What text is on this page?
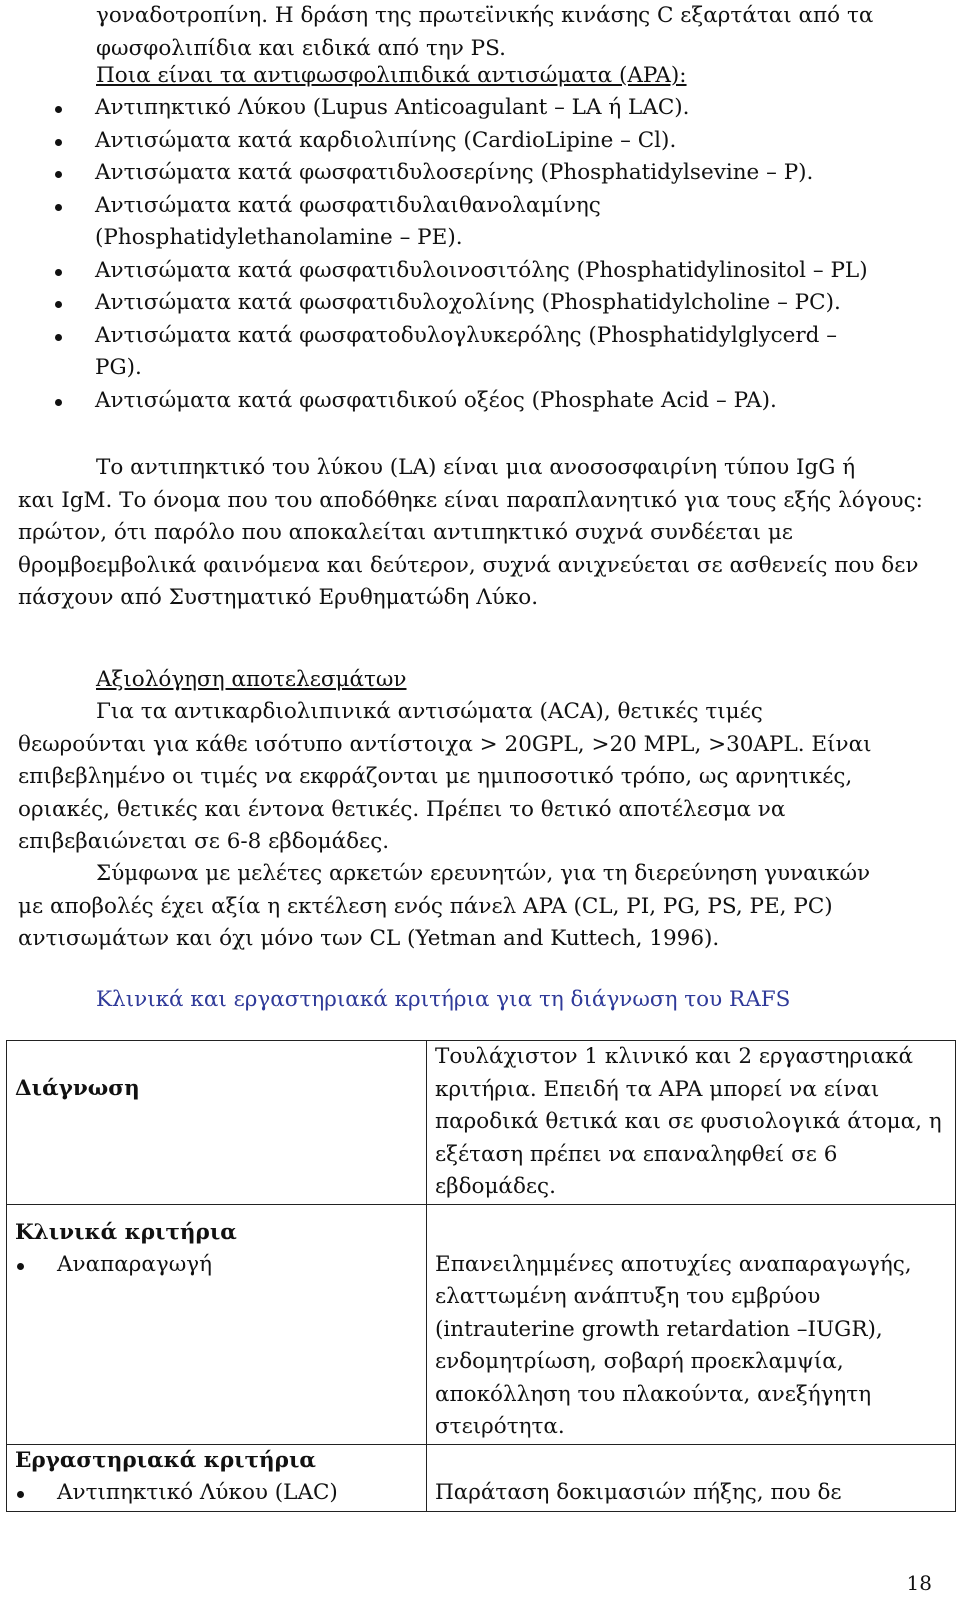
γοναδοτροπίνη. Η δράση της πρωτεϊνικής κινάσης C εξαρτάται από τα
φωσφολιπίδια και ειδικά από την PS.

Ποια είναι τα αντιφωσφολιπιδικά αντισώματα (APA):

Αντιπηκτικό Λύκου (Lupus Anticoagulant – LA ή LAC).
Αντισώματα κατά καρδιολιπίνης (CardioLipine – Cl).
Αντισώματα κατά φωσφατιδυλοσερίνης (Phosphatidylsevine – P).
Αντισώματα κατά φωσφατιδυλαιθανολαμίνης (Phosphatidylethanolamine – PE).
Αντισώματα κατά φωσφατιδυλοινοσιτόλης (Phosphatidylinositol – PL)
Αντισώματα κατά φωσφατιδυλοχολίνης (Phosphatidylcholine – PC).
Αντισώματα κατά φωσφατοδυλογλυκερόλης (Phosphatidylglycerd – PG).
Αντισώματα κατά φωσφατιδικού οξέος (Phosphate Acid – PA).

Το αντιπηκτικό του λύκου (LA) είναι μια ανοσοσφαιρίνη τύπου IgG ή
και IgM. Το όνομα που του αποδόθηκε είναι παραπλανητικό για τους εξής λόγους: πρώτον, ότι παρόλο που αποκαλείται αντιπηκτικό συχνά συνδέεται με θρομβοεμβολικά φαινόμενα και δεύτερον, συχνά ανιχνεύεται σε ασθενείς που δεν πάσχουν από Συστηματικό Ερυθηματώδη Λύκο.

Αξιολόγηση αποτελεσμάτων

Για τα αντικαρδιολιπινικά αντισώματα (ACA), θετικές τιμές
θεωρούνται για κάθε ισότυπο αντίστοιχα > 20GPL, >20 MPL, >30APL. Είναι επιβεβλημένο οι τιμές να εκφράζονται με ημιποσοτικό τρόπο, ως αρνητικές, οριακές, θετικές και έντονα θετικές. Πρέπει το θετικό αποτέλεσμα να επιβεβαιώνεται σε 6-8 εβδομάδες.

Σύμφωνα με μελέτες αρκετών ερευνητών, για τη διερεύνηση γυναικών
με αποβολές έχει αξία η εκτέλεση ενός πάνελ APA (CL, PI, PG, PS, PE, PC) αντισωμάτων και όχι μόνο των CL (Yetman and Kuttech, 1996).

Κλινικά και εργαστηριακά κριτήρια για τη διάγνωση του RAFS

Διάγνωση	Τουλάχιστον 1 κλινικό και 2 εργαστηριακά κριτήρια. Επειδή τα APA μπορεί να είναι παροδικά θετικά και σε φυσιολογικά άτομα, η εξέταση πρέπει να επαναληφθεί σε 6 εβδομάδες.

Κλινικά κριτήρια
Αναπαραγωγή	Επανειλημμένες αποτυχίες αναπαραγωγής, ελαττωμένη ανάπτυξη του εμβρύου (intrauterine growth retardation –IUGR), ενδομητρίωση, σοβαρή προεκλαμψία, αποκόλληση του πλακούντα, ανεξήγητη στειρότητα.

Εργαστηριακά κριτήρια
Αντιπηκτικό Λύκου (LAC)	Παράταση δοκιμασιών πήξης, που δε
18
